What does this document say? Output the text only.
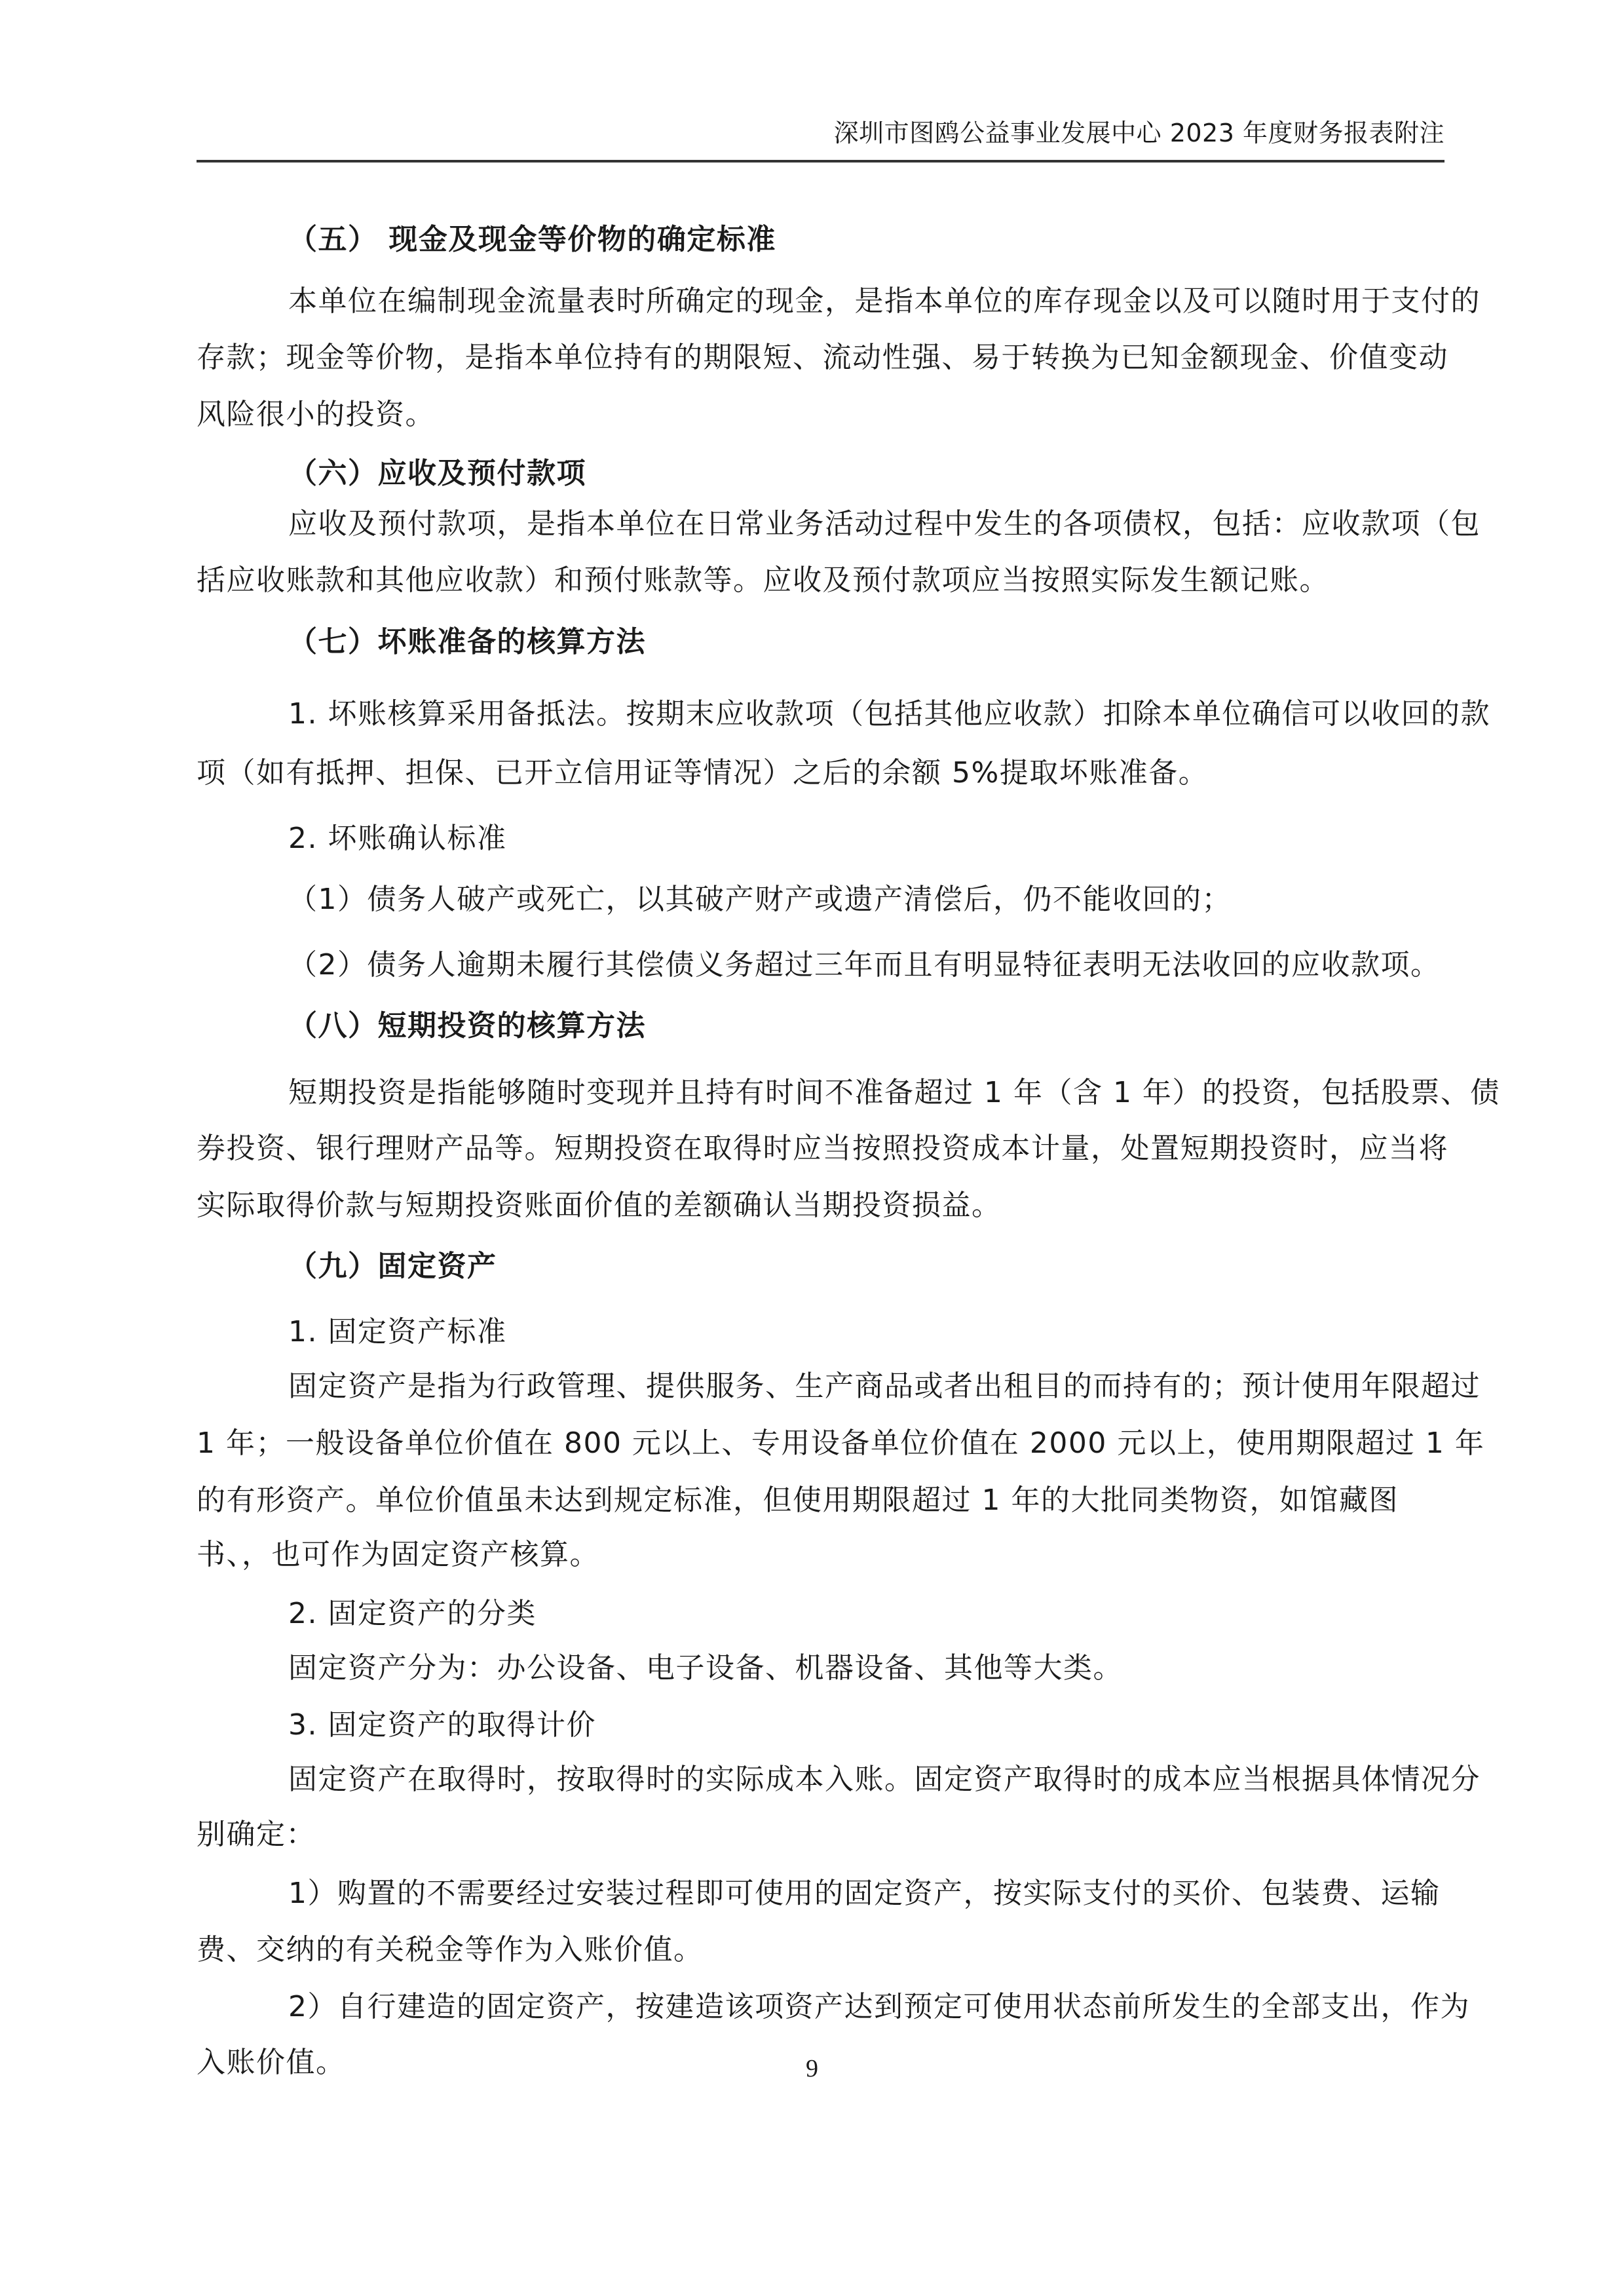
深圳市图鸥公益事业发展中心 2023 年度财务报表附注
（五） 现金及现金等价物的确定标准
本单位在编制现金流量表时所确定的现金，是指本单位的库存现金以及可以随时用于支付的
存款；现金等价物，是指本单位持有的期限短、流动性强、易于转换为已知金额现金、价值变动
风险很小的投资。
（六）应收及预付款项
应收及预付款项，是指本单位在日常业务活动过程中发生的各项债权，包括：应收款项（包
括应收账款和其他应收款）和预付账款等。应收及预付款项应当按照实际发生额记账。
（七）坏账准备的核算方法
1. 坏账核算采用备抵法。按期末应收款项（包括其他应收款）扣除本单位确信可以收回的款
项（如有抵押、担保、已开立信用证等情况）之后的余额 5%提取坏账准备。
2. 坏账确认标准
（1）债务人破产或死亡，以其破产财产或遗产清偿后，仍不能收回的；
（2）债务人逾期未履行其偿债义务超过三年而且有明显特征表明无法收回的应收款项。
（八）短期投资的核算方法
短期投资是指能够随时变现并且持有时间不准备超过 1 年（含 1 年）的投资，包括股票、债
券投资、银行理财产品等。短期投资在取得时应当按照投资成本计量，处置短期投资时，应当将
实际取得价款与短期投资账面价值的差额确认当期投资损益。
（九）固定资产
1. 固定资产标准
固定资产是指为行政管理、提供服务、生产商品或者出租目的而持有的；预计使用年限超过
1 年；一般设备单位价值在 800 元以上、专用设备单位价值在 2000 元以上，使用期限超过 1 年
的有形资产。单位价值虽未达到规定标准，但使用期限超过 1 年的大批同类物资，如馆藏图
书、，也可作为固定资产核算。
2. 固定资产的分类
固定资产分为：办公设备、电子设备、机器设备、其他等大类。
3. 固定资产的取得计价
固定资产在取得时，按取得时的实际成本入账。固定资产取得时的成本应当根据具体情况分
别确定：
1）购置的不需要经过安装过程即可使用的固定资产，按实际支付的买价、包装费、运输
费、交纳的有关税金等作为入账价值。
2）自行建造的固定资产，按建造该项资产达到预定可使用状态前所发生的全部支出，作为
入账价值。	9
